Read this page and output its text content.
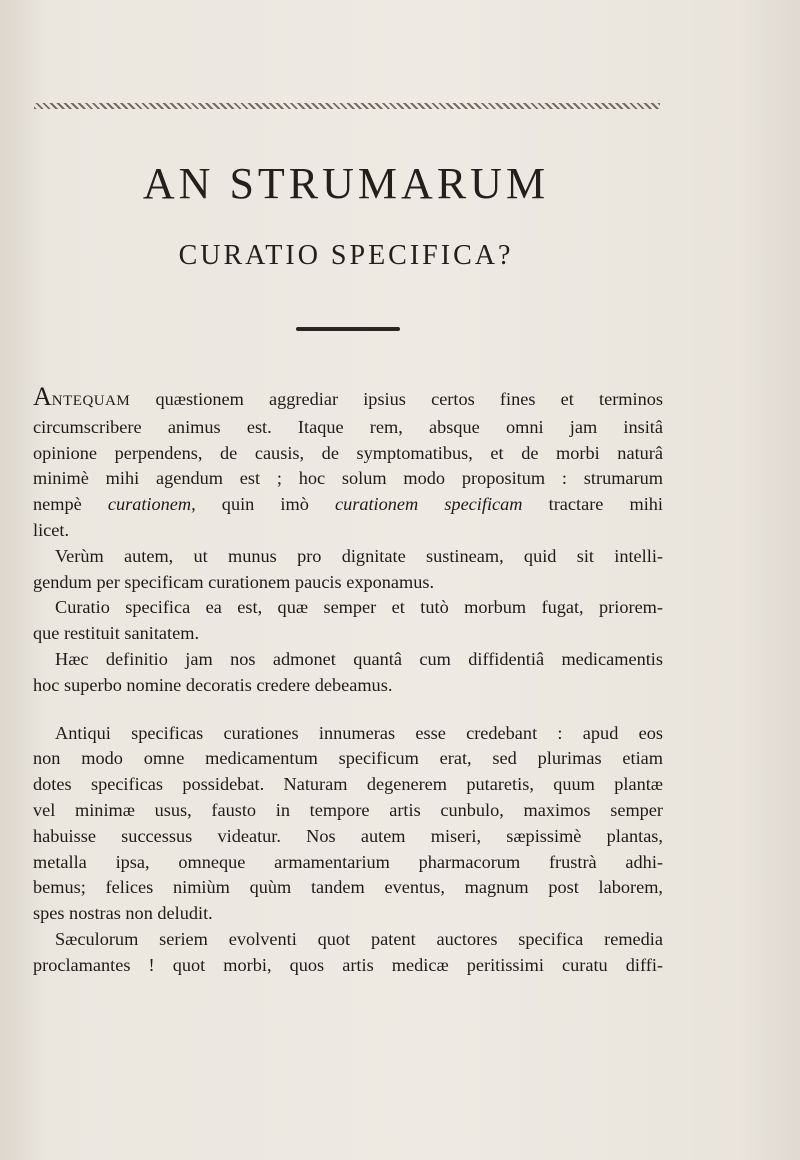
AN STRUMARUM
CURATIO SPECIFICA?
ANTEQUAM quæstionem aggrediar ipsius certos fines et terminos
circumscribere animus est. Itaque rem, absque omni jam insitâ
opinione perpendens, de causis, de symptomatibus, et de morbi naturâ
minimè mihi agendum est ; hoc solum modo propositum : strumarum
nempè curationem, quin imò curationem specificam tractare mihi
licet.
Verùm autem, ut munus pro dignitate sustineam, quid sit intelli-
gendum per specificam curationem paucis exponamus.
Curatio specifica ea est, quæ semper et tutò morbum fugat, priorem-
que restituit sanitatem.
Hæc definitio jam nos admonet quantâ cum diffidentiâ medicamentis
hoc superbo nomine decoratis credere debeamus.
Antiqui specificas curationes innumeras esse credebant : apud eos
non modo omne medicamentum specificum erat, sed plurimas etiam
dotes specificas possidebat. Naturam degenerem putaretis, quum plantæ
vel minimæ usus, fausto in tempore artis cunbulo, maximos semper
habuisse successus videatur. Nos autem miseri, sæpissimè plantas,
metalla ipsa, omneque armamentarium pharmacorum frustrà adhi-
bemus; felices nimiùm quùm tandem eventus, magnum post laborem,
spes nostras non deludit.
Sæculorum seriem evolventi quot patent auctores specifica remedia
proclamantes ! quot morbi, quos artis medicæ peritissimi curatu diffi-
